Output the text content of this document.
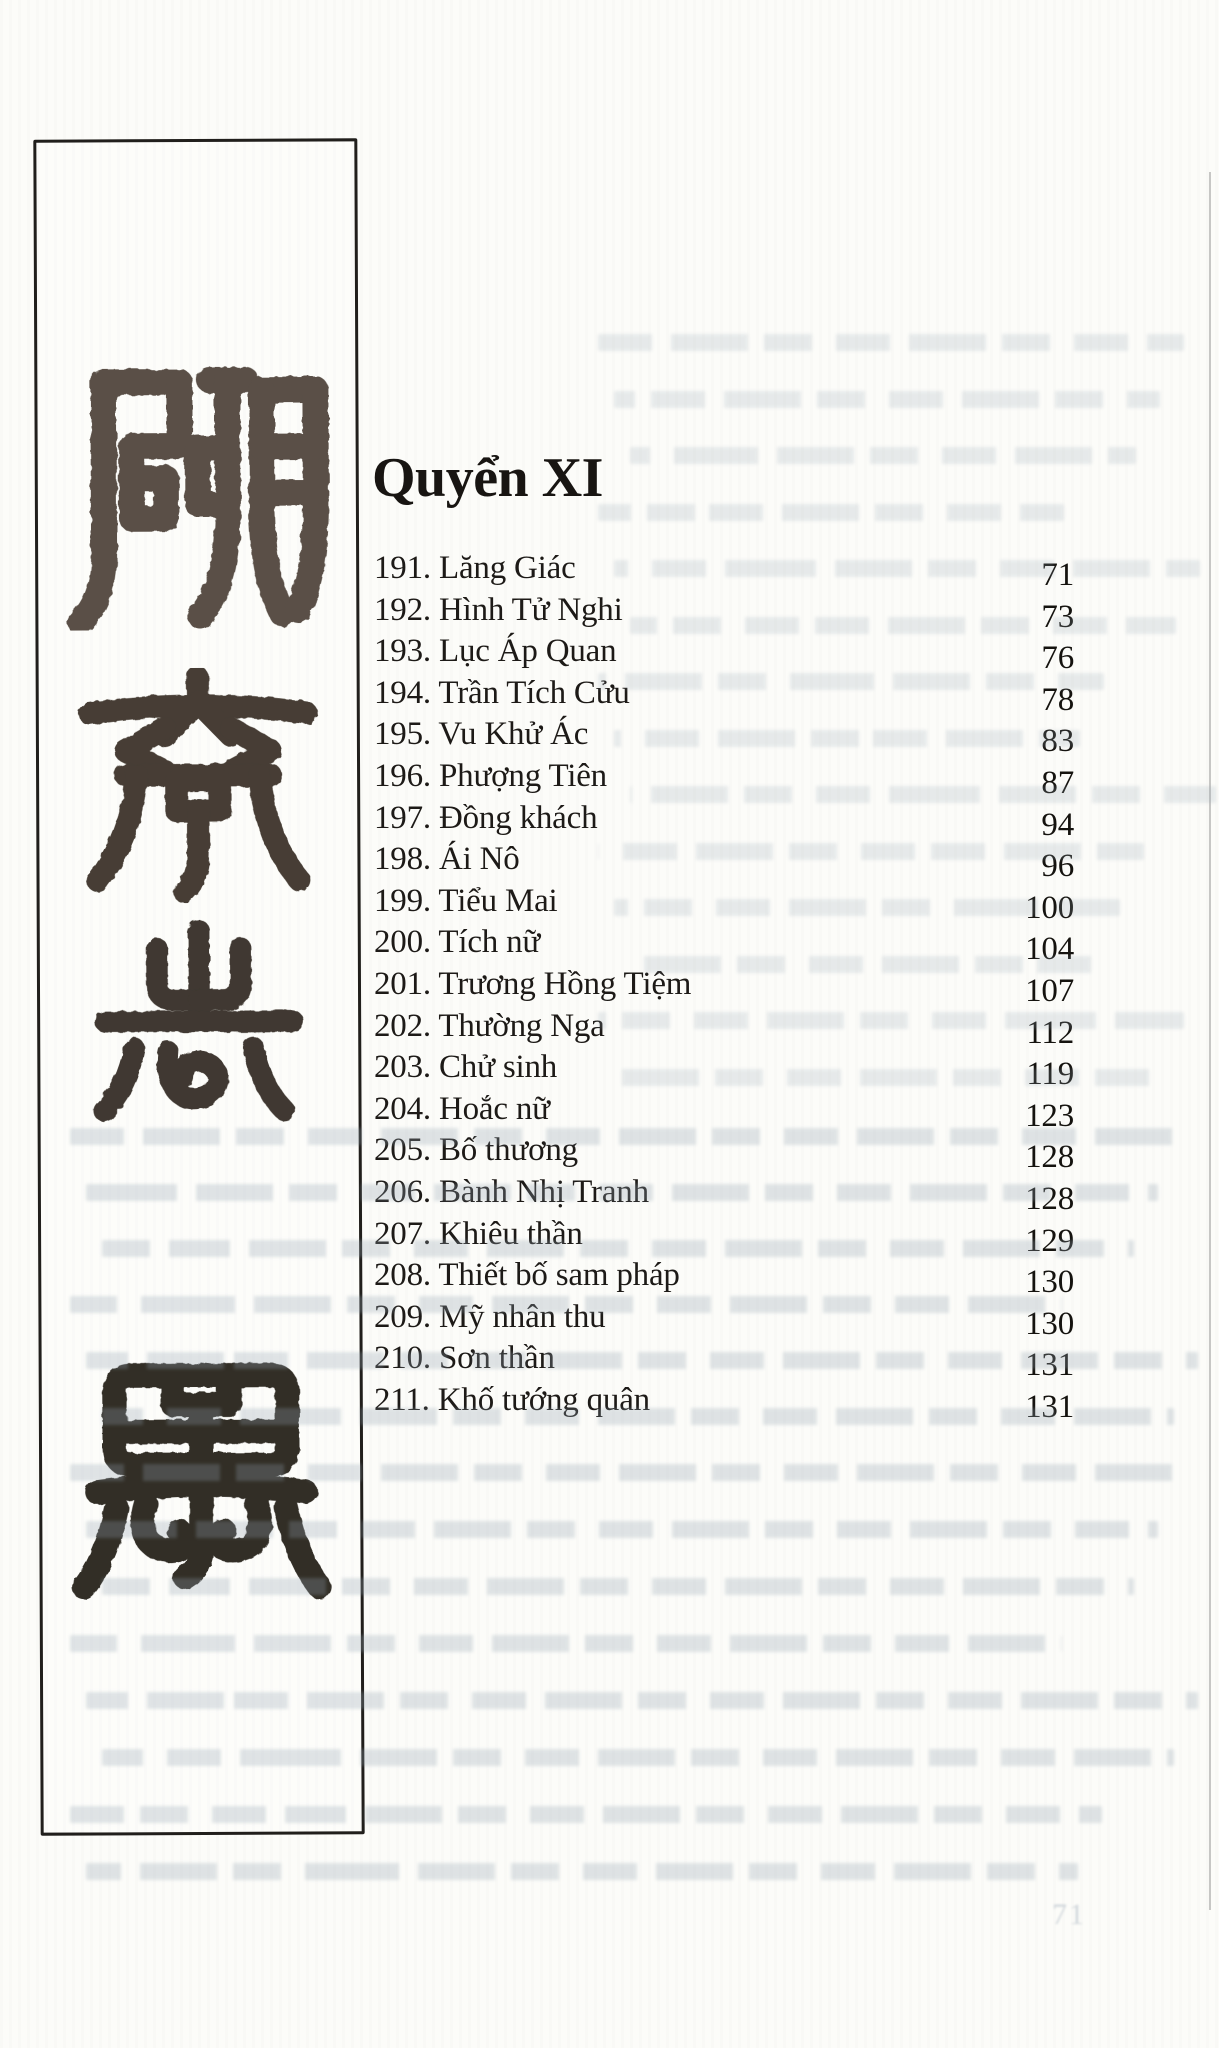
Quyển XI
191. Lăng Giác	71
192. Hình Tử Nghi	73
193. Lục Áp Quan	76
194. Trần Tích Cửu	78
195. Vu Khử Ác	83
196. Phượng Tiên	87
197. Đồng khách	94
198. Ái Nô	96
199. Tiểu Mai	100
200. Tích nữ	104
201. Trương Hồng Tiệm	107
202. Thường Nga	112
203. Chử sinh	119
204. Hoắc nữ	123
205. Bố thương	128
206. Bành Nhị Tranh	128
207. Khiêu thần	129
208. Thiết bố sam pháp	130
209. Mỹ nhân thu	130
210. Sơn thần	131
211. Khố tướng quân	131
71
